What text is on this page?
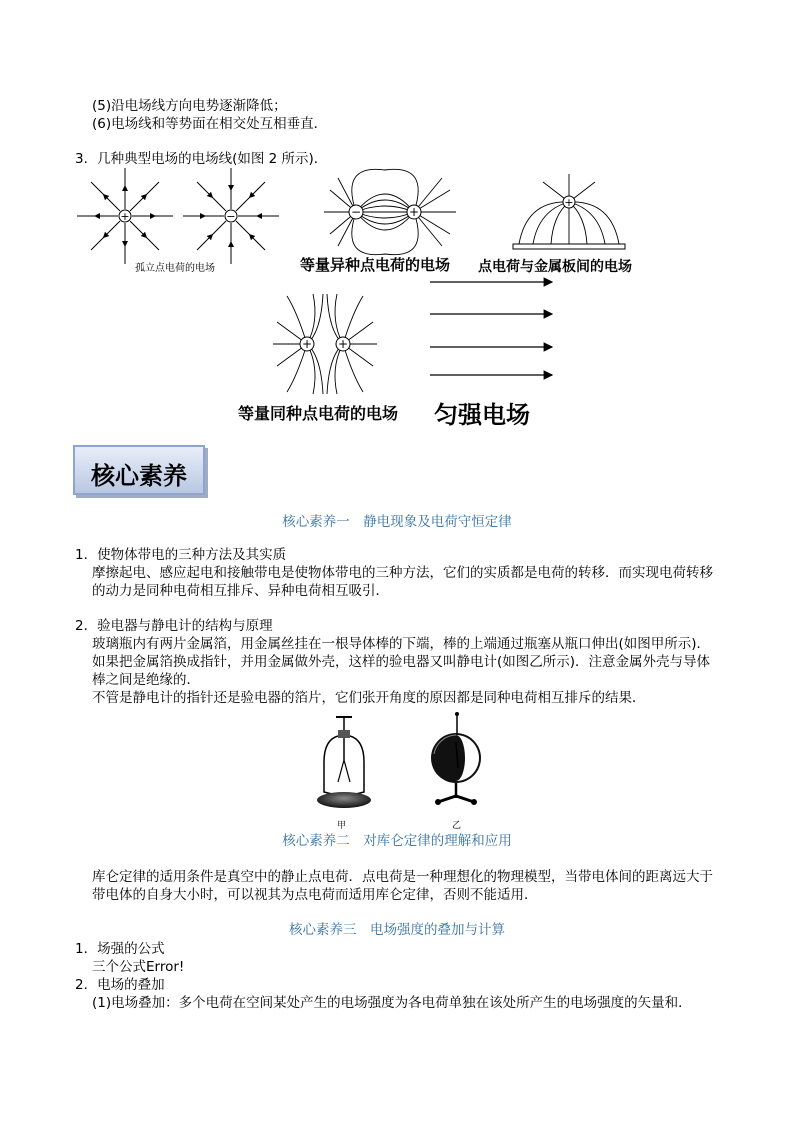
(5)沿电场线方向电势逐渐降低；
(6)电场线和等势面在相交处互相垂直．
3．几种典型电场的电场线(如图 2 所示)．
+	−
孤立点电荷的电场
−	+
等量异种点电荷的电场
+
点电荷与金属板间的电场
+ +
等量同种点电荷的电场 匀强电场
核心素养
核心素养一　静电现象及电荷守恒定律
1．使物体带电的三种方法及其实质
摩擦起电、感应起电和接触带电是使物体带电的三种方法，它们的实质都是电荷的转移．而实现电荷转移的动力是同种电荷相互排斥、异种电荷相互吸引．
2．验电器与静电计的结构与原理
玻璃瓶内有两片金属箔，用金属丝挂在一根导体棒的下端，棒的上端通过瓶塞从瓶口伸出(如图甲所示)．如果把金属箔换成指针，并用金属做外壳，这样的验电器又叫静电计(如图乙所示)．注意金属外壳与导体棒之间是绝缘的．
不管是静电计的指针还是验电器的箔片，它们张开角度的原因都是同种电荷相互排斥的结果．
甲	乙
核心素养二　对库仑定律的理解和应用
库仑定律的适用条件是真空中的静止点电荷．点电荷是一种理想化的物理模型，当带电体间的距离远大于带电体的自身大小时，可以视其为点电荷而适用库仑定律，否则不能适用．
核心素养三　电场强度的叠加与计算
1．场强的公式
三个公式Error!
2．电场的叠加
(1)电场叠加：多个电荷在空间某处产生的电场强度为各电荷单独在该处所产生的电场强度的矢量和．
